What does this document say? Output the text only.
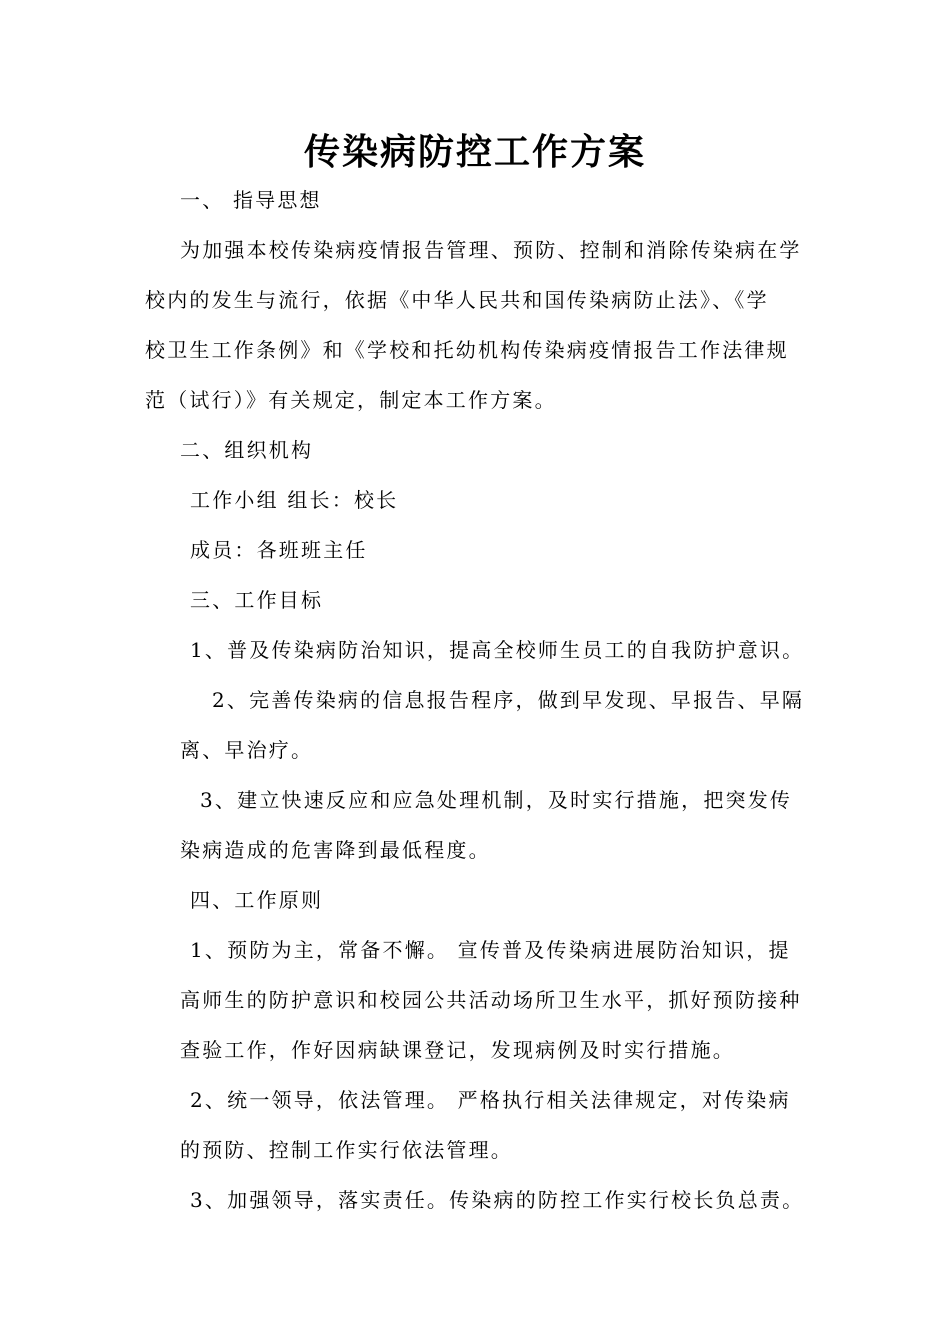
传染病防控工作方案
一、 指导思想
为加强本校传染病疫情报告管理、预防、控制和消除传染病在学
校内的发生与流行，依据《中华人民共和国传染病防止法》、《学
校卫生工作条例》和《学校和托幼机构传染病疫情报告工作法律规
范（试行）》有关规定，制定本工作方案。
二、组织机构
工作小组 组长：校长
成员：各班班主任
三、工作目标
1、普及传染病防治知识，提高全校师生员工的自我防护意识。
2、完善传染病的信息报告程序，做到早发现、早报告、早隔
离、早治疗。
3、建立快速反应和应急处理机制，及时实行措施，把突发传
染病造成的危害降到最低程度。
四、工作原则
1、预防为主，常备不懈。 宣传普及传染病进展防治知识，提
高师生的防护意识和校园公共活动场所卫生水平，抓好预防接种
查验工作，作好因病缺课登记，发现病例及时实行措施。
2、统一领导，依法管理。 严格执行相关法律规定，对传染病
的预防、控制工作实行依法管理。
3、加强领导，落实责任。传染病的防控工作实行校长负总责。
